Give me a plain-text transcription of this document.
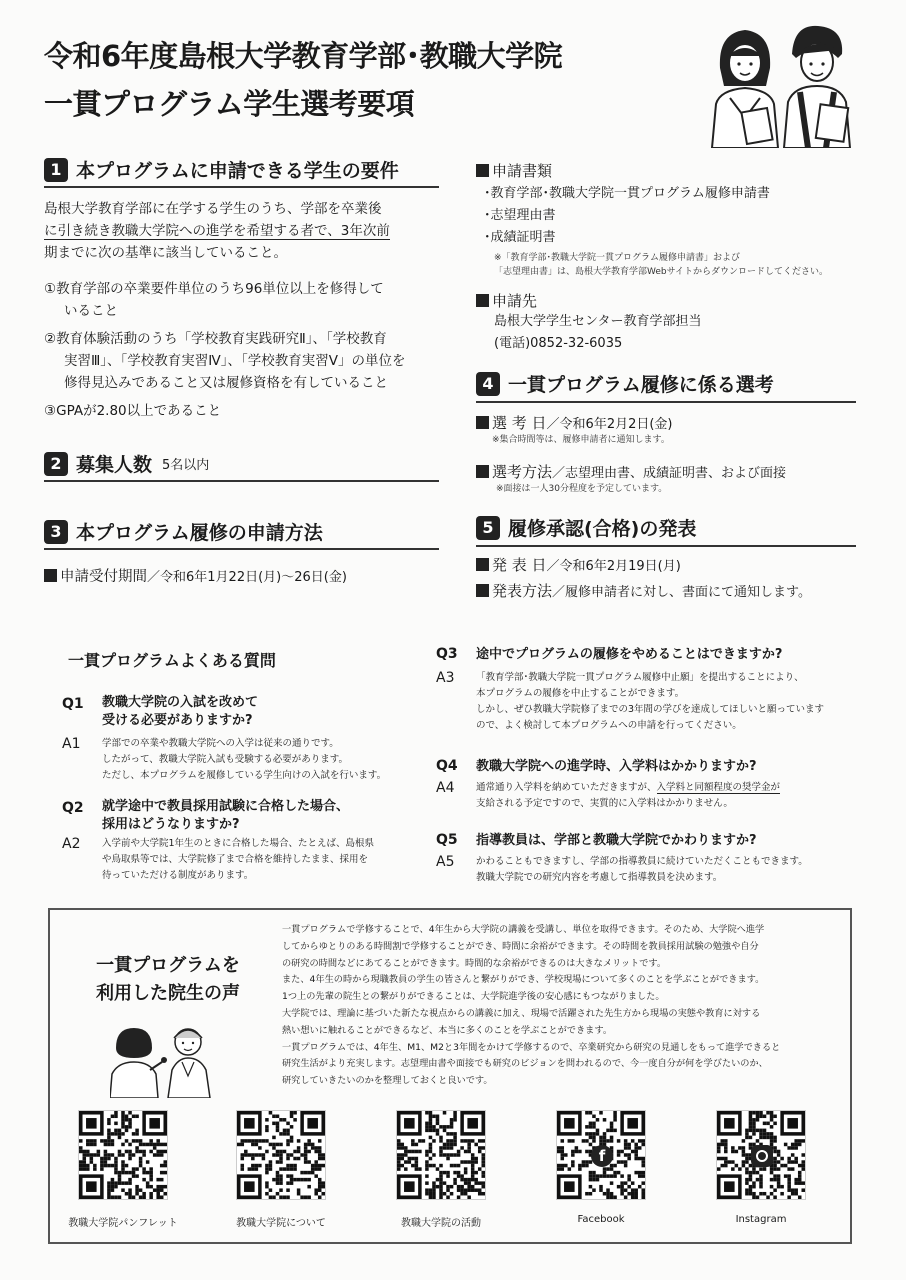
令和6年度島根大学教育学部･教職大学院
一貫プログラム学生選考要項
1 本プログラムに申請できる学生の要件
島根大学教育学部に在学する学生のうち、学部を卒業後
に引き続き教職大学院への進学を希望する者で、3年次前
期までに次の基準に該当していること。
①教育学部の卒業要件単位のうち96単位以上を修得して
いること
②教育体験活動のうち「学校教育実践研究Ⅱ」、「学校教育
実習Ⅲ」、「学校教育実習Ⅳ」、「学校教育実習Ⅴ」の単位を
修得見込みであること又は履修資格を有していること
③GPAが2.80以上であること
2 募集人数 5名以内
3 本プログラム履修の申請方法
申請受付期間／令和6年1月22日(月)〜26日(金)
申請書類
･教育学部･教職大学院一貫プログラム履修申請書
･志望理由書
･成績証明書
※「教育学部･教職大学院一貫プログラム履修申請書」および
「志望理由書」は、島根大学教育学部Webサイトからダウンロードしてください。
申請先
島根大学学生センター教育学部担当
(電話)0852-32-6035
4 一貫プログラム履修に係る選考
選 考 日／令和6年2月2日(金)
※集合時間等は、履修申請者に通知します。
選考方法／志望理由書、成績証明書、および面接
※面接は一人30分程度を予定しています。
5 履修承認(合格)の発表
発 表 日／令和6年2月19日(月)
発表方法／履修申請者に対し、書面にて通知します。
一貫プログラムよくある質問
Q1 教職大学院の入試を改めて
受ける必要がありますか?
A1 学部での卒業や教職大学院への入学は従来の通りです。
したがって、教職大学院入試も受験する必要があります。
ただし、本プログラムを履修している学生向けの入試を行います。
Q2 就学途中で教員採用試験に合格した場合、
採用はどうなりますか?
A2 入学前や大学院1年生のときに合格した場合、たとえば、島根県
や鳥取県等では、大学院修了まで合格を維持したまま、採用を
待っていただける制度があります。
Q3 途中でプログラムの履修をやめることはできますか?
A3 「教育学部･教職大学院一貫プログラム履修中止願」を提出することにより、
本プログラムの履修を中止することができます。
しかし、ぜひ教職大学院修了までの3年間の学びを達成してほしいと願っています
ので、よく検討して本プログラムへの申請を行ってください。
Q4 教職大学院への進学時、入学料はかかりますか?
A4 通常通り入学料を納めていただきますが、入学料と同額程度の奨学金が
支給される予定ですので、実質的に入学料はかかりません。
Q5 指導教員は、学部と教職大学院でかわりますか?
A5 かわることもできますし、学部の指導教員に続けていただくこともできます。
教職大学院での研究内容を考慮して指導教員を決めます。
一貫プログラムを
利用した院生の声
一貫プログラムで学修することで、4年生から大学院の講義を受講し、単位を取得できます。そのため、大学院へ進学
してからゆとりのある時間割で学修することができ、時間に余裕ができます。その時間を教員採用試験の勉強や自分
の研究の時間などにあてることができます。時間的な余裕ができるのは大きなメリットです。
また、4年生の時から現職教員の学生の皆さんと繋がりができ、学校現場について多くのことを学ぶことができます。
1つ上の先輩の院生との繋がりができることは、大学院進学後の安心感にもつながりました。
大学院では、理論に基づいた新たな視点からの講義に加え、現場で活躍された先生方から現場の実態や教育に対する
熱い想いに触れることができるなど、本当に多くのことを学ぶことができます。
一貫プログラムでは、4年生、M1、M2と3年間をかけて学修するので、卒業研究から研究の見通しをもって進学できると
研究生活がより充実します。志望理由書や面接でも研究のビジョンを問われるので、今一度自分が何を学びたいのか、
研究していきたいのかを整理しておくと良いです。
教職大学院パンフレット	教職大学院について	教職大学院の活動
f
Facebook	Instagram
